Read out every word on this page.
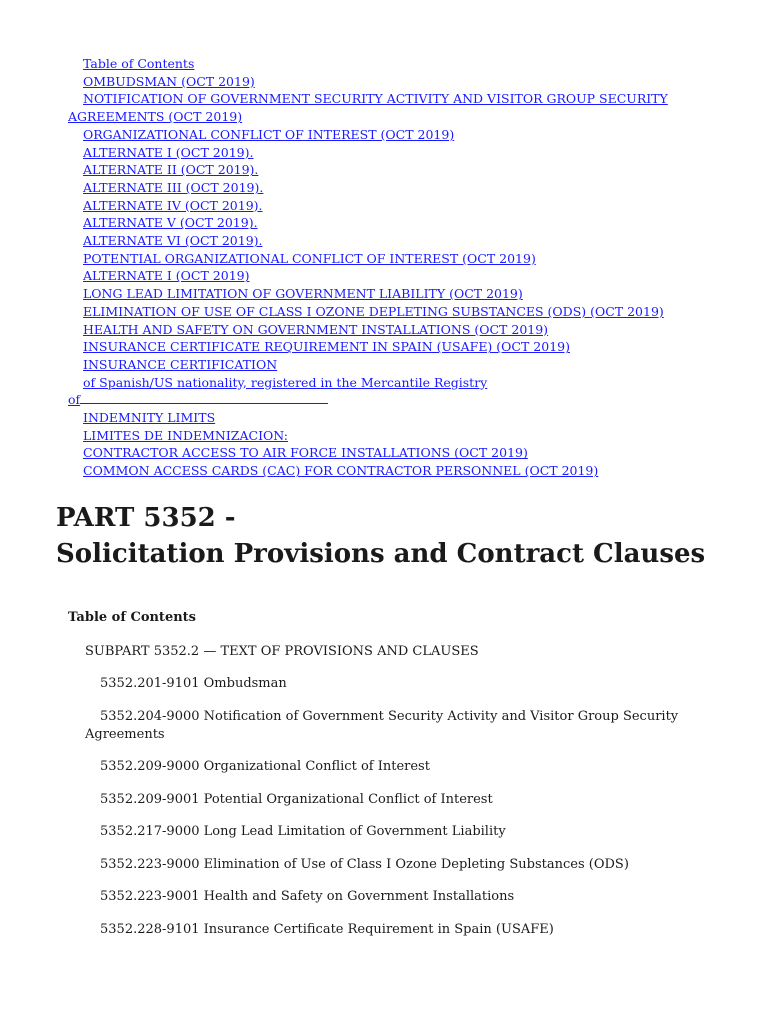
Table of Contents
OMBUDSMAN (OCT 2019)
NOTIFICATION OF GOVERNMENT SECURITY ACTIVITY AND VISITOR GROUP SECURITY AGREEMENTS (OCT 2019)
ORGANIZATIONAL CONFLICT OF INTEREST (OCT 2019)
ALTERNATE I (OCT 2019).
ALTERNATE II (OCT 2019).
ALTERNATE III (OCT 2019).
ALTERNATE IV (OCT 2019).
ALTERNATE V (OCT 2019).
ALTERNATE VI (OCT 2019).
POTENTIAL ORGANIZATIONAL CONFLICT OF INTEREST (OCT 2019)
ALTERNATE I (OCT 2019)
LONG LEAD LIMITATION OF GOVERNMENT LIABILITY (OCT 2019)
ELIMINATION OF USE OF CLASS I OZONE DEPLETING SUBSTANCES (ODS) (OCT 2019)
HEALTH AND SAFETY ON GOVERNMENT INSTALLATIONS (OCT 2019)
INSURANCE CERTIFICATE REQUIREMENT IN SPAIN (USAFE) (OCT 2019)
INSURANCE CERTIFICATION
of Spanish/US nationality, registered in the Mercantile Registry
of
INDEMNITY LIMITS
LIMITES DE INDEMNIZACION:
CONTRACTOR ACCESS TO AIR FORCE INSTALLATIONS (OCT 2019)
COMMON ACCESS CARDS (CAC) FOR CONTRACTOR PERSONNEL (OCT 2019)
PART 5352 -
Solicitation Provisions and Contract Clauses
Table of Contents

SUBPART 5352.2 — TEXT OF PROVISIONS AND CLAUSES

5352.201-9101 Ombudsman

5352.204-9000 Notification of Government Security Activity and Visitor Group Security Agreements

5352.209-9000 Organizational Conflict of Interest

5352.209-9001 Potential Organizational Conflict of Interest

5352.217-9000 Long Lead Limitation of Government Liability

5352.223-9000 Elimination of Use of Class I Ozone Depleting Substances (ODS)

5352.223-9001 Health and Safety on Government Installations

5352.228-9101 Insurance Certificate Requirement in Spain (USAFE)
